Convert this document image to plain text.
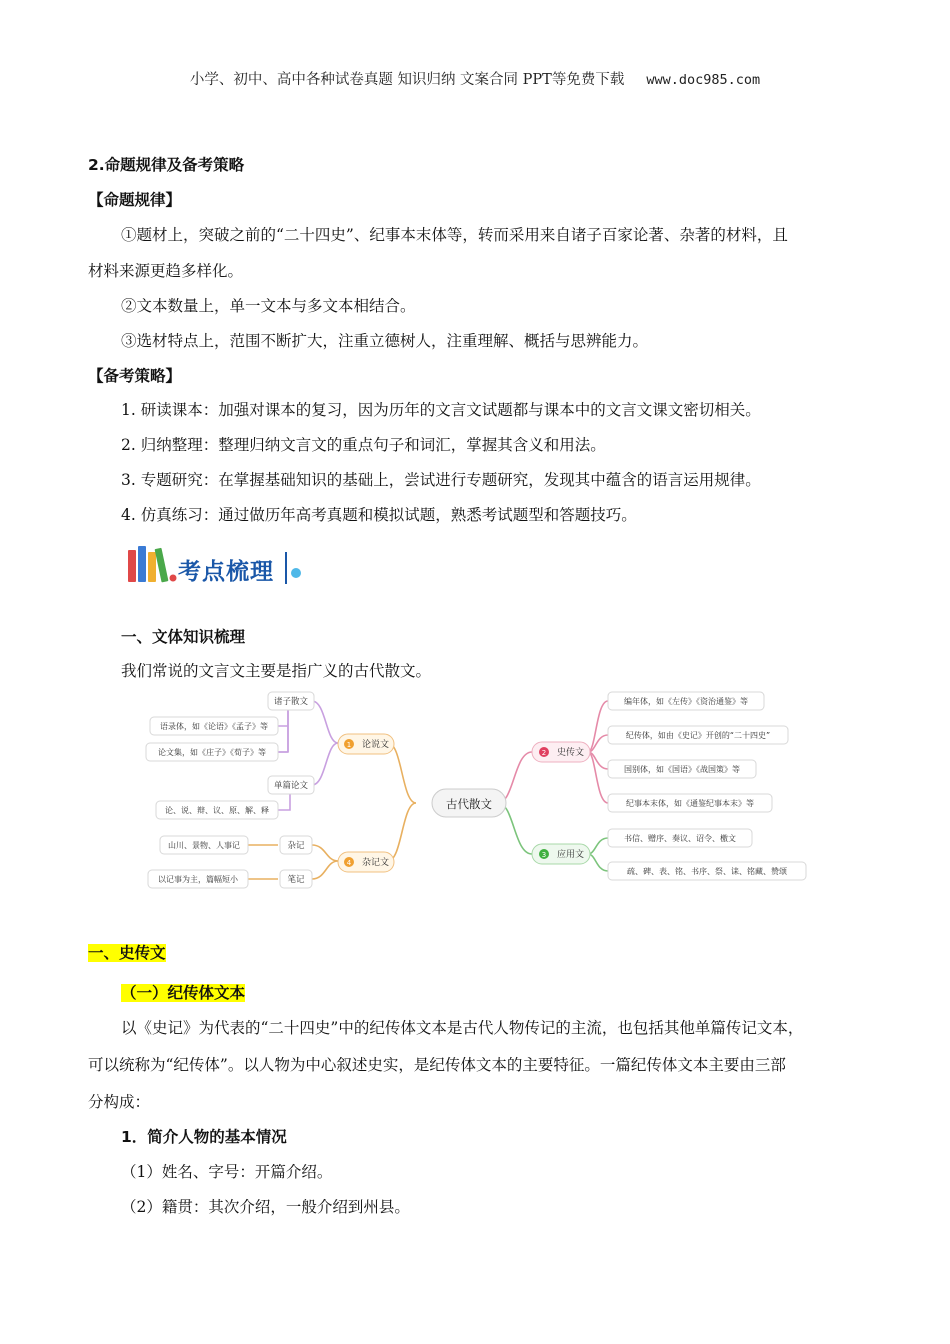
小学、初中、高中各种试卷真题 知识归纳 文案合同 PPT等免费下载 www.doc985.com
2.命题规律及备考策略
【命题规律】
①题材上，突破之前的“二十四史”、纪事本末体等，转而采用来自诸子百家论著、杂著的材料，且
材料来源更趋多样化。
②文本数量上，单一文本与多文本相结合。
③选材特点上，范围不断扩大，注重立德树人，注重理解、概括与思辨能力。
【备考策略】
1. 研读课本：加强对课本的复习，因为历年的文言文试题都与课本中的文言文课文密切相关。
2. 归纳整理：整理归纳文言文的重点句子和词汇，掌握其含义和用法。
3. 专题研究：在掌握基础知识的基础上，尝试进行专题研究，发现其中蕴含的语言运用规律。
4. 仿真练习：通过做历年高考真题和模拟试题，熟悉考试题型和答题技巧。
考点梳理
一、文体知识梳理
我们常说的文言文主要是指广义的古代散文。
古代散文
1 论说文
4 杂记文
诸子散文
单篇论文
杂记
笔记
语录体，如《论语》《孟子》等
论文集，如《庄子》《荀子》等
论、说、辩、议、原、解、释
山川、景物、人事记
以记事为主，篇幅短小
2 史传文
3 应用文
编年体，如《左传》《资治通鉴》等
纪传体，如由《史记》开创的“二十四史”
国别体，如《国语》《战国策》等
纪事本末体，如《通鉴纪事本末》等
书信、赠序、奏议、诏令、檄文
疏、碑、表、铭、书序、祭、诔、铭藏、赞颂
一、史传文
（一）纪传体文本
以《史记》为代表的“二十四史”中的纪传体文本是古代人物传记的主流，也包括其他单篇传记文本，
可以统称为“纪传体”。以人物为中心叙述史实，是纪传体文本的主要特征。一篇纪传体文本主要由三部
分构成：
1．简介人物的基本情况
（1）姓名、字号：开篇介绍。
（2）籍贯：其次介绍，一般介绍到州县。
